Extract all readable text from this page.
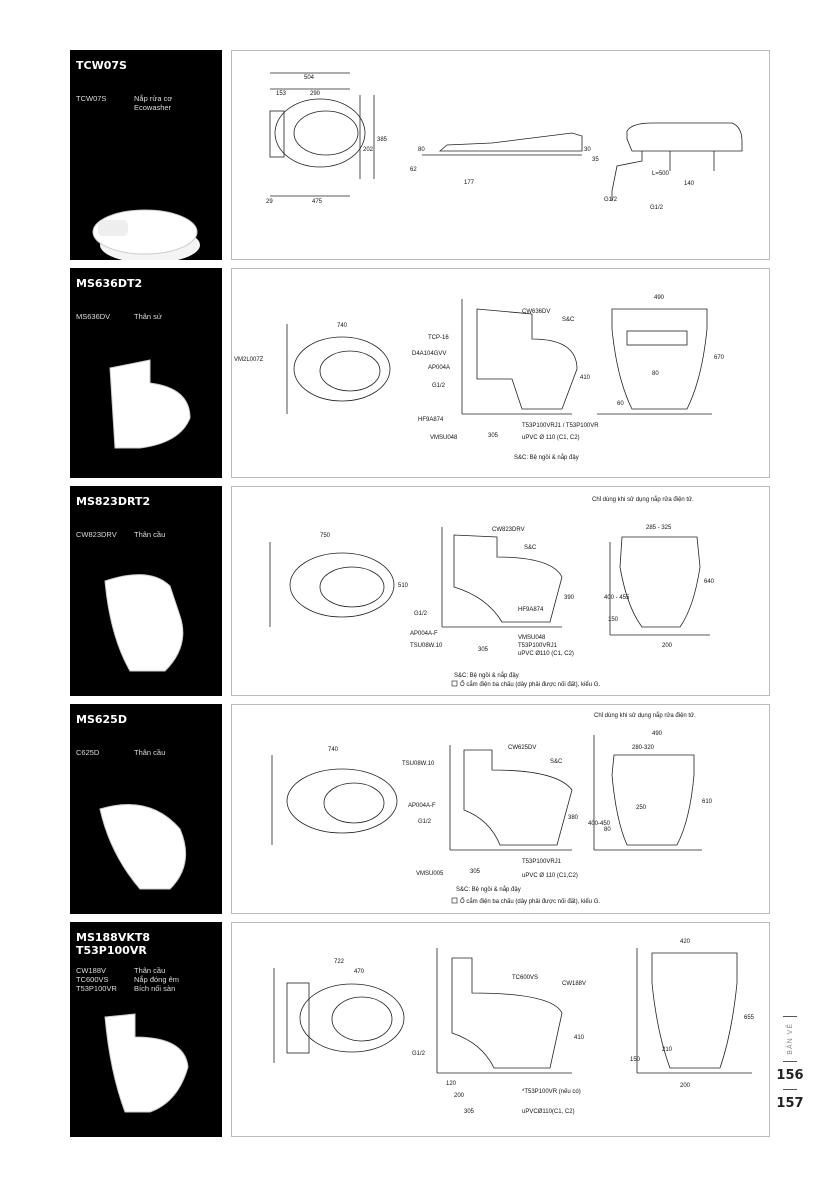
TCW07S
TCW07S	Nắp rửa cơ
Ecowasher
504
153	290
29	475
385
202
62
80
177
30
35
L=500
140
G1/2
G1/2
MS636DT2
MS636DV	Thân sứ
740
490
670
410
80
60
305
VM2L007Z
TCP-16
D4A104GVV
AP004A
G1/2
HF9A874
VMSU048
CW636DV
S&C
T53P100VRJ1 / T53P100VR
uPVC Ø 110 (C1, C2)
S&C: Bệ ngồi & nắp đậy
MS823DRT2
CW823DRV	Thân cầu	750
510
CW823DRV
S&C
390
HF9A874
VMSU048
T53P100VRJ1
uPVC Ø110 (C1, C2)
305
G1/2
AP004A-F
TSU08W.10
285 - 325
640
400 - 455
150
200
Chỉ dùng khi sử dụng nắp rửa điện tử.
S&C: Bệ ngồi & nắp đậy
Ổ cắm điện ba chấu (dây phải được nối đất), kiểu G.
MS625D
C625D	Thân cầu	740
TSU08W.10
CW625DV
S&C
AP004A-F
G1/2
380
VMSU005	305
T53P100VRJ1
uPVC Ø 110 (C1,C2)
490
280-320
610
400-450
250
80
Chỉ dùng khi sử dụng nắp rửa điện tử.
S&C: Bệ ngồi & nắp đậy
Ổ cắm điện ba chấu (dây phải được nối đất), kiểu G.
MS188VKT8
T53P100VR
CW188V	Thân cầu
TC600VS	Nắp đóng êm
T53P100VR	Bích nối sàn
722
470
TC600VS
CW188V
410
G1/2
120
200
305
*T53P100VR (nếu có)
uPVCØ110(C1, C2)
420
655
210
150
200
BẢN VẼ
156
157
